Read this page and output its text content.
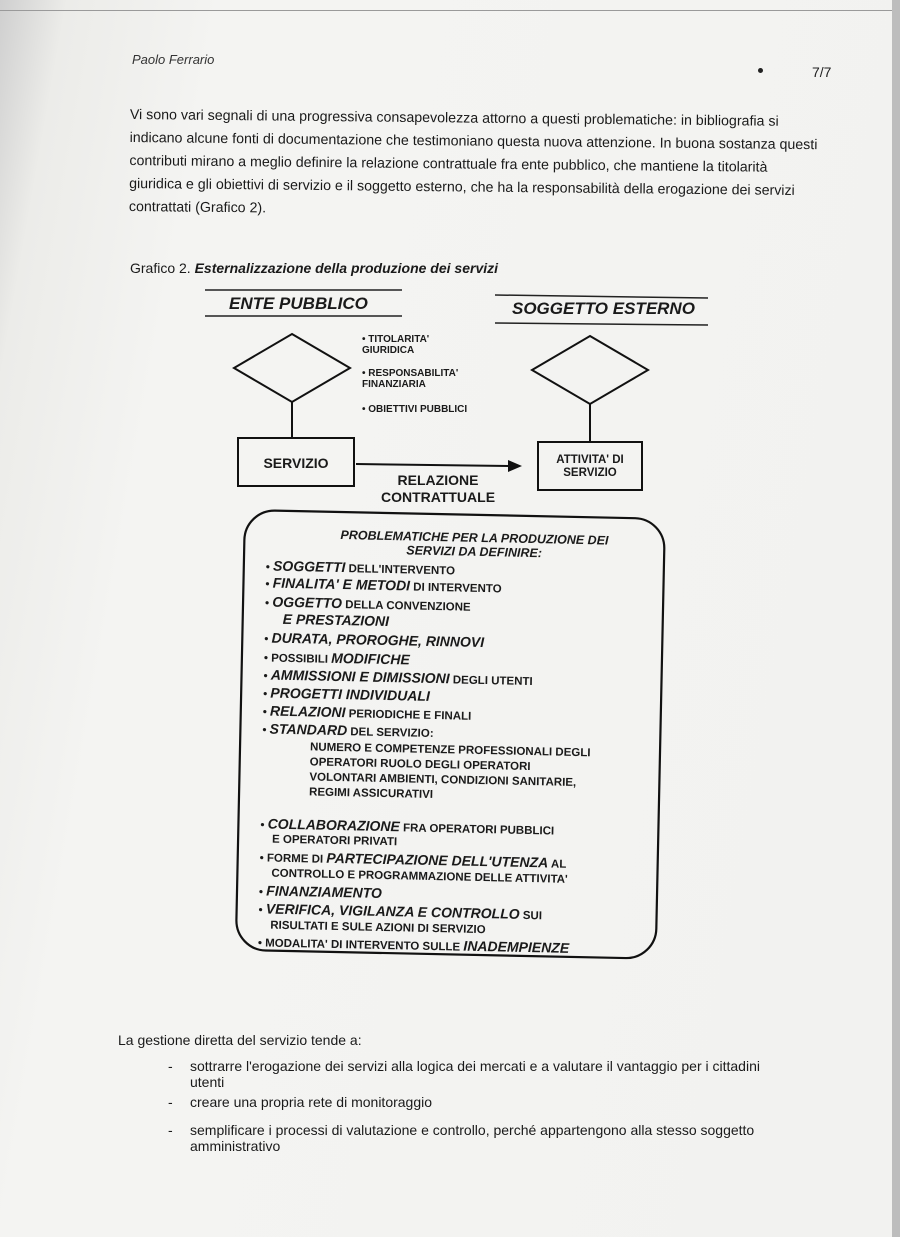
Paolo Ferrario
7/7
Vi sono vari segnali di una progressiva consapevolezza attorno a questi problematiche: in bibliografia si indicano alcune fonti di documentazione che testimoniano questa nuova attenzione. In buona sostanza questi contributi mirano a meglio definire la relazione contrattuale fra ente pubblico, che mantiene la titolarità giuridica e gli obiettivi di servizio e il soggetto esterno, che ha la responsabilità della erogazione dei servizi contrattati (Grafico 2).
Grafico 2. Esternalizzazione della produzione dei servizi
ENTE PUBBLICO	SOGGETTO ESTERNO
• TITOLARITA' GIURIDICA
• RESPONSABILITA' FINANZIARIA
• OBIETTIVI PUBBLICI
SERVIZIO	ATTIVITA' DI SERVIZIO
RELAZIONE CONTRATTUALE
PROBLEMATICHE PER LA PRODUZIONE DEI SERVIZI DA DEFINIRE:
• SOGGETTI DELL'INTERVENTO
• FINALITA' E METODI DI INTERVENTO
• OGGETTO DELLA CONVENZIONE
E PRESTAZIONI
• DURATA, PROROGHE, RINNOVI
• POSSIBILI MODIFICHE
• AMMISSIONI E DIMISSIONI DEGLI UTENTI
• PROGETTI INDIVIDUALI
• RELAZIONI PERIODICHE E FINALI
• STANDARD DEL SERVIZIO:
NUMERO E COMPETENZE PROFESSIONALI DEGLI OPERATORI RUOLO DEGLI OPERATORI VOLONTARI AMBIENTI, CONDIZIONI SANITARIE, REGIMI ASSICURATIVI
• COLLABORAZIONE FRA OPERATORI PUBBLICI
E OPERATORI PRIVATI
• FORME DI PARTECIPAZIONE DELL'UTENZA AL
CONTROLLO E PROGRAMMAZIONE DELLE ATTIVITA'
• FINANZIAMENTO
• VERIFICA, VIGILANZA E CONTROLLO SUI
RISULTATI E SULE AZIONI DI SERVIZIO
• MODALITA' DI INTERVENTO SULLE INADEMPIENZE
La gestione diretta del servizio tende a:
- sottrarre l'erogazione dei servizi alla logica dei mercati e a valutare il vantaggio per i cittadini utenti
- creare una propria rete di monitoraggio
- semplificare i processi di valutazione e controllo, perché appartengono alla stesso soggetto amministrativo
